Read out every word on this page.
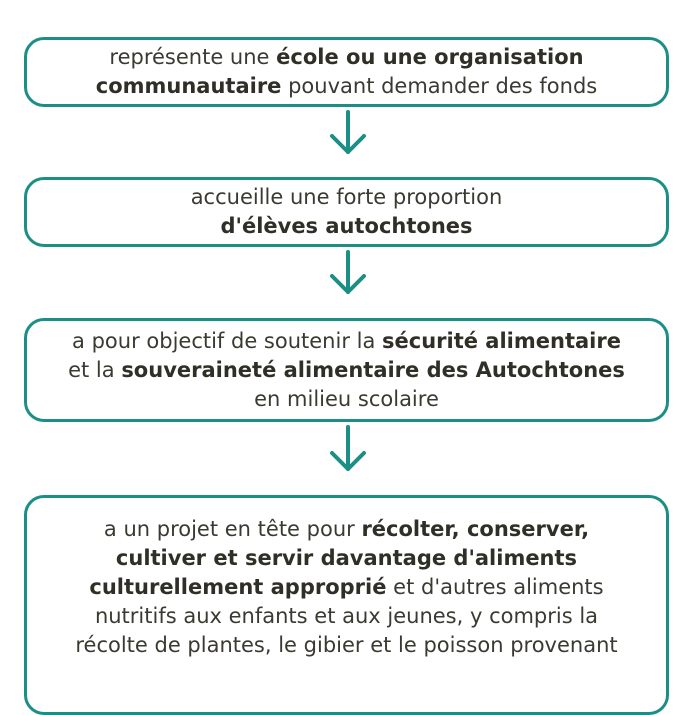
représente une école ou une organisation
communautaire pouvant demander des fonds
accueille une forte proportion
d'élèves autochtones
a pour objectif de soutenir la sécurité alimentaire
et la souveraineté alimentaire des Autochtones
en milieu scolaire
a un projet en tête pour récolter, conserver,
cultiver et servir davantage d'aliments
culturellement approprié et d'autres aliments
nutritifs aux enfants et aux jeunes, y compris la
récolte de plantes, le gibier et le poisson provenant
